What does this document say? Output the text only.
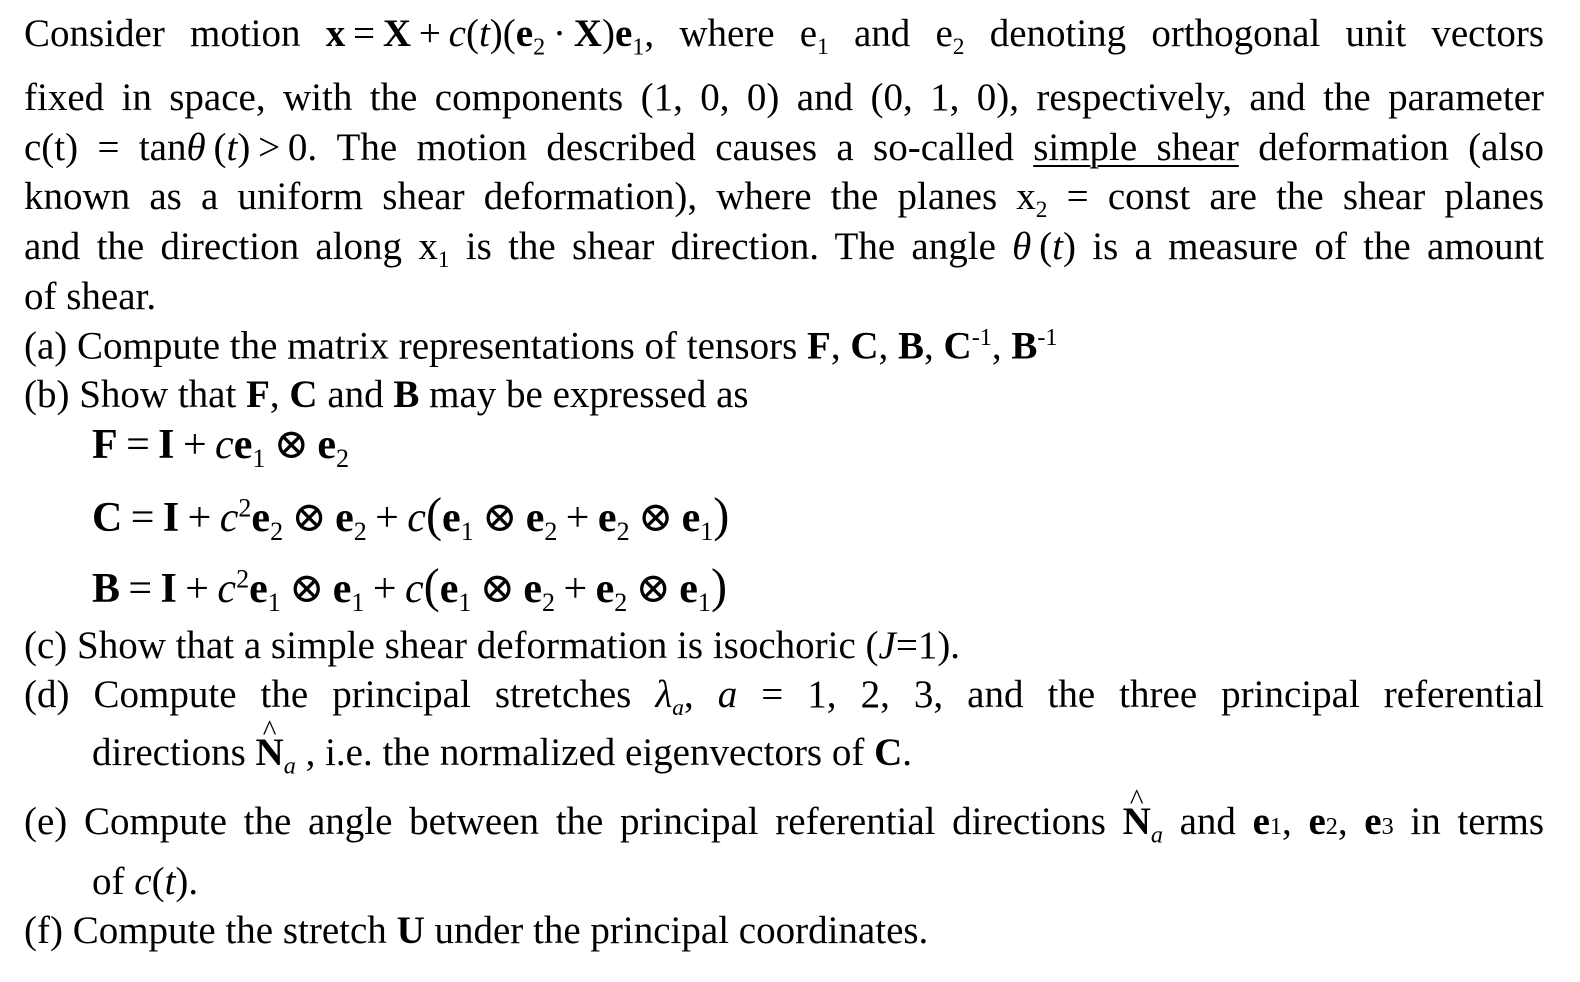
Consider motion $x = X + c(t)(e_2 \cdot X)e_1$, where $e_1$ and $e_2$ denoting orthogonal unit vectors
fixed in space, with the components (1, 0, 0) and (0, 1, 0), respectively, and the parameter
c(t) = tanθ (t) > 0. The motion described causes a so-called simple shear deformation (also
known as a uniform shear deformation), where the planes $x_2$ = const are the shear planes
and the direction along $x_1$ is the shear direction. The angle θ (t) is a measure of the amount
of shear.
(a) Compute the matrix representations of tensors F, C, B, $C^{-1}$, $B^{-1}$
(b) Show that F, C and B may be expressed as
$F = I + ce_1$ ⊗ $e_2$
$C = I + c^2e_2$ ⊗ $e_2 + c(e_1$ ⊗ $e_2 + e_2$ ⊗ $e_1$)
$B = I + c^2e_1$ ⊗ $e_1 + c(e_1$ ⊗ $e_2 + e_2$ ⊗ $e_1$)
(c) Show that a simple shear deformation is isochoric (J=1).
(d) Compute the principal stretches $\lambda_a$, a = 1, 2, 3, and the three principal referential
directions ^ $N_a$ , i.e. the normalized eigenvectors of C.
(e) Compute the angle between the principal referential directions ^ $N_a$ and e1, e2, e3 in terms
of c(t).
(f) Compute the stretch U under the principal coordinates.
